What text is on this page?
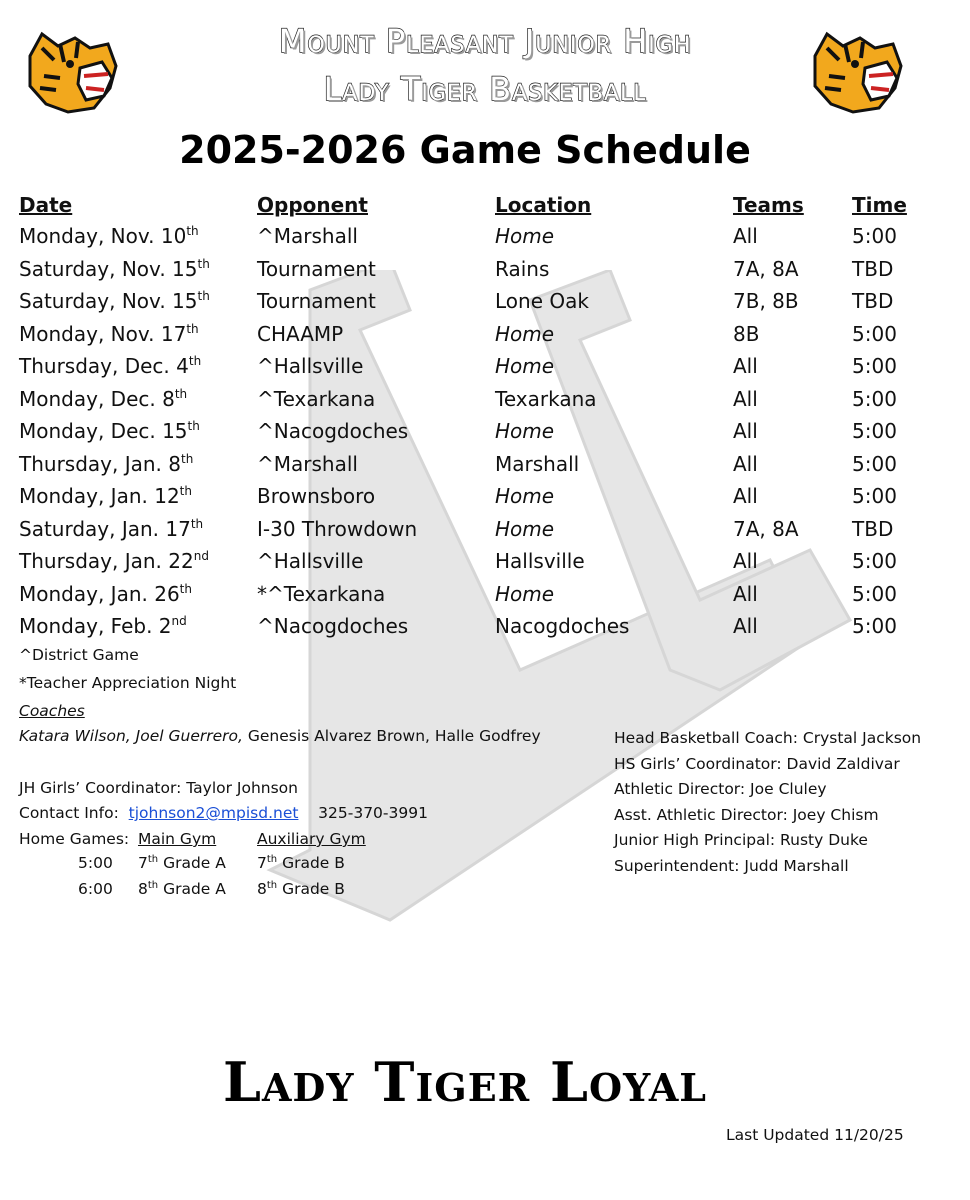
Mount Pleasant Junior High
Lady Tiger Basketball
2025-2026 Game Schedule
Date	Opponent	Location	Teams	Time
Monday, Nov. 10th	^Marshall	Home	All	5:00
Saturday, Nov. 15th	Tournament	Rains	7A, 8A	TBD
Saturday, Nov. 15th	Tournament	Lone Oak	7B, 8B	TBD
Monday, Nov. 17th	CHAAMP	Home	8B	5:00
Thursday, Dec. 4th	^Hallsville	Home	All	5:00
Monday, Dec. 8th	^Texarkana	Texarkana	All	5:00
Monday, Dec. 15th	^Nacogdoches	Home	All	5:00
Thursday, Jan. 8th	^Marshall	Marshall	All	5:00
Monday, Jan. 12th	Brownsboro	Home	All	5:00
Saturday, Jan. 17th	I-30 Throwdown	Home	7A, 8A	TBD
Thursday, Jan. 22nd	^Hallsville	Hallsville	All	5:00
Monday, Jan. 26th	*^Texarkana	Home	All	5:00
Monday, Feb. 2nd	^Nacogdoches	Nacogdoches	All	5:00
^District Game
*Teacher Appreciation Night
Coaches
Katara Wilson, Joel Guerrero, Genesis Alvarez Brown, Halle Godfrey
JH Girls’ Coordinator: Taylor Johnson
Contact Info: tjohnson2@mpisd.net 325-370-3991
Home Games: Main Gym	Auxiliary Gym
5:00 7th Grade A 7th Grade B
6:00 8th Grade A 8th Grade B
Head Basketball Coach: Crystal Jackson
HS Girls’ Coordinator: David Zaldivar
Athletic Director: Joe Cluley
Asst. Athletic Director: Joey Chism
Junior High Principal: Rusty Duke
Superintendent: Judd Marshall
Lady Tiger Loyal
Last Updated 11/20/25
